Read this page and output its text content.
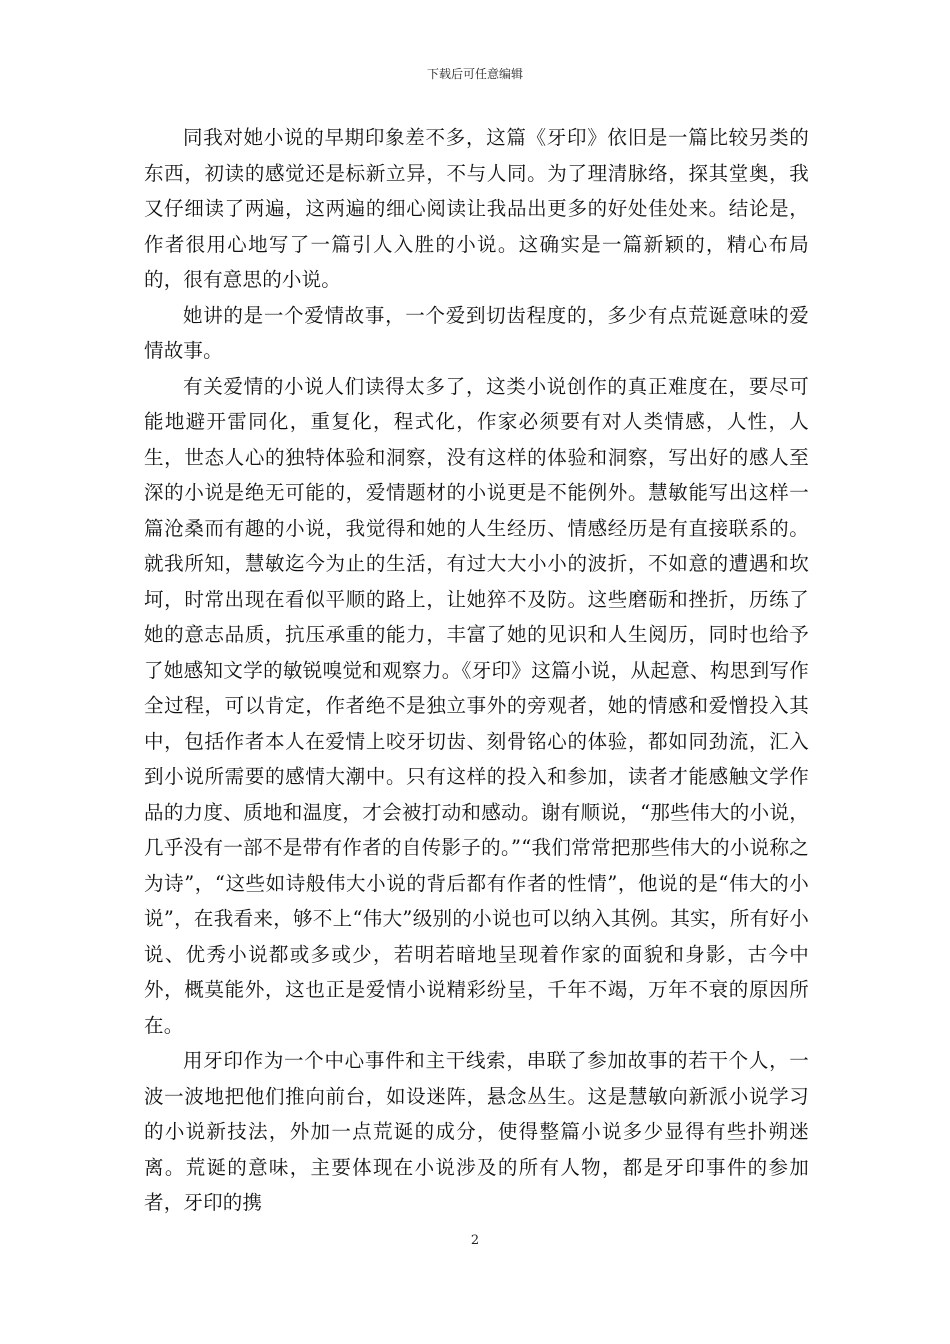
下载后可任意编辑

同我对她小说的早期印象差不多，这篇《牙印》依旧是一篇比较另类的东西，初读的感觉还是标新立异，不与人同。为了理清脉络，探其堂奥，我又仔细读了两遍，这两遍的细心阅读让我品出更多的好处佳处来。结论是，作者很用心地写了一篇引人入胜的小说。这确实是一篇新颖的，精心布局的，很有意思的小说。

她讲的是一个爱情故事，一个爱到切齿程度的，多少有点荒诞意味的爱情故事。

有关爱情的小说人们读得太多了，这类小说创作的真正难度在，要尽可能地避开雷同化，重复化，程式化，作家必须要有对人类情感，人性，人生，世态人心的独特体验和洞察，没有这样的体验和洞察，写出好的感人至深的小说是绝无可能的，爱情题材的小说更是不能例外。慧敏能写出这样一篇沧桑而有趣的小说，我觉得和她的人生经历、情感经历是有直接联系的。就我所知，慧敏迄今为止的生活，有过大大小小的波折，不如意的遭遇和坎坷，时常出现在看似平顺的路上，让她猝不及防。这些磨砺和挫折，历练了她的意志品质，抗压承重的能力，丰富了她的见识和人生阅历，同时也给予了她感知文学的敏锐嗅觉和观察力。《牙印》这篇小说，从起意、构思到写作全过程，可以肯定，作者绝不是独立事外的旁观者，她的情感和爱憎投入其中，包括作者本人在爱情上咬牙切齿、刻骨铭心的体验，都如同劲流，汇入到小说所需要的感情大潮中。只有这样的投入和参加，读者才能感触文学作品的力度、质地和温度，才会被打动和感动。谢有顺说，“那些伟大的小说，几乎没有一部不是带有作者的自传影子的。”“我们常常把那些伟大的小说称之为诗”，“这些如诗般伟大小说的背后都有作者的性情”，他说的是“伟大的小说”，在我看来，够不上“伟大”级别的小说也可以纳入其例。其实，所有好小说、优秀小说都或多或少，若明若暗地呈现着作家的面貌和身影，古今中外，概莫能外，这也正是爱情小说精彩纷呈，千年不竭，万年不衰的原因所在。

用牙印作为一个中心事件和主干线索，串联了参加故事的若干个人，一波一波地把他们推向前台，如设迷阵，悬念丛生。这是慧敏向新派小说学习的小说新技法，外加一点荒诞的成分，使得整篇小说多少显得有些扑朔迷离。荒诞的意味，主要体现在小说涉及的所有人物，都是牙印事件的参加者，牙印的携

2
